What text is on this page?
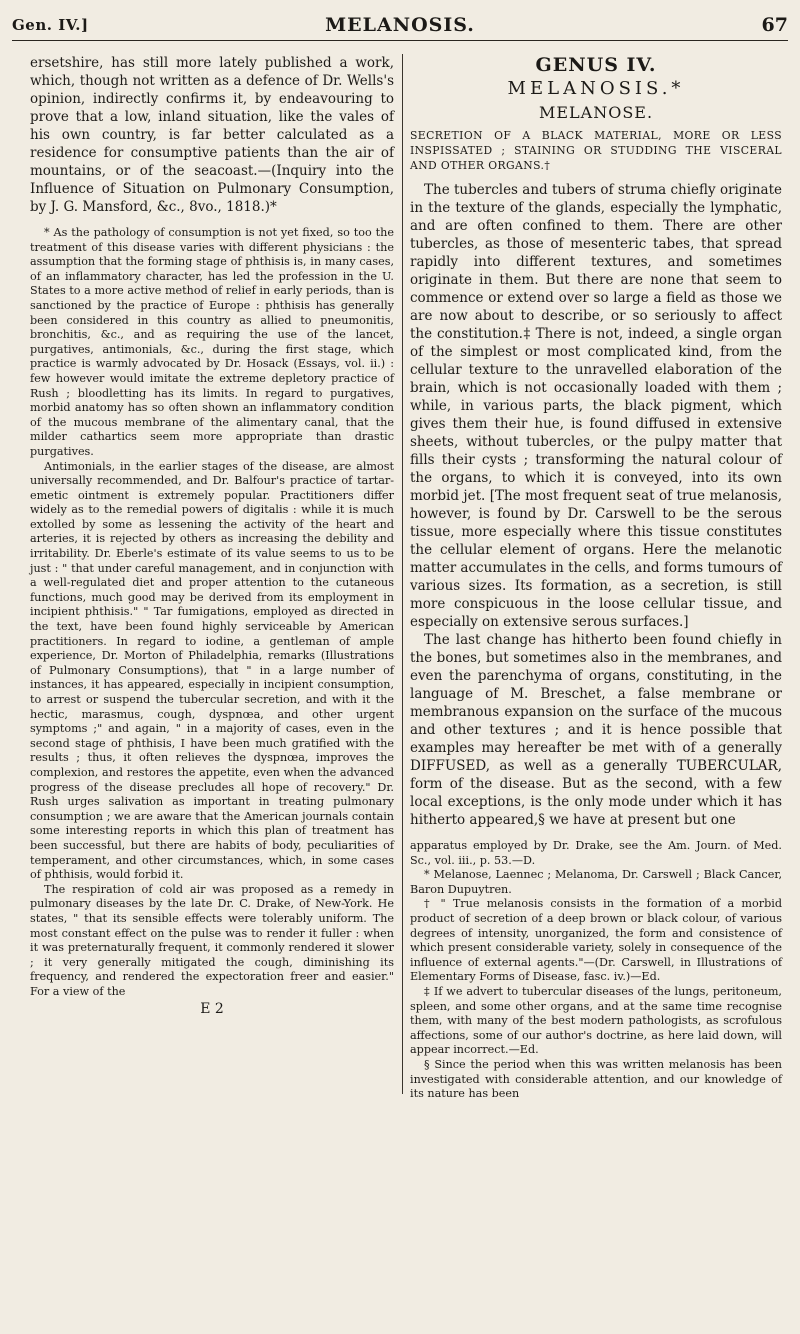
Gen. IV.]	MELANOSIS.	67

ersetshire, has still more lately published a work, which, though not written as a defence of Dr. Wells's opinion, indirectly confirms it, by endeavouring to prove that a low, inland situation, like the vales of his own country, is far better calculated as a residence for consumptive patients than the air of mountains, or of the seacoast.—(Inquiry into the Influence of Situation on Pulmonary Consumption, by J. G. Mansford, &c., 8vo., 1818.)*

* As the pathology of consumption is not yet fixed, so too the treatment of this disease varies with different physicians : the assumption that the forming stage of phthisis is, in many cases, of an inflammatory character, has led the profession in the U. States to a more active method of relief in early periods, than is sanctioned by the practice of Europe : phthisis has generally been considered in this country as allied to pneumonitis, bronchitis, &c., and as requiring the use of the lancet, purgatives, antimonials, &c., during the first stage, which practice is warmly advocated by Dr. Hosack (Essays, vol. ii.) : few however would imitate the extreme depletory practice of Rush ; bloodletting has its limits. In regard to purgatives, morbid anatomy has so often shown an inflammatory condition of the mucous membrane of the alimentary canal, that the milder cathartics seem more appropriate than drastic purgatives.

Antimonials, in the earlier stages of the disease, are almost universally recommended, and Dr. Balfour's practice of tartar-emetic ointment is extremely popular. Practitioners differ widely as to the remedial powers of digitalis : while it is much extolled by some as lessening the activity of the heart and arteries, it is rejected by others as increasing the debility and irritability. Dr. Eberle's estimate of its value seems to us to be just : " that under careful management, and in conjunction with a well-regulated diet and proper attention to the cutaneous functions, much good may be derived from its employment in incipient phthisis." " Tar fumigations, employed as directed in the text, have been found highly serviceable by American practitioners. In regard to iodine, a gentleman of ample experience, Dr. Morton of Philadelphia, remarks (Illustrations of Pulmonary Consumptions), that " in a large number of instances, it has appeared, especially in incipient consumption, to arrest or suspend the tubercular secretion, and with it the hectic, marasmus, cough, dyspnœa, and other urgent symptoms ;" and again, " in a majority of cases, even in the second stage of phthisis, I have been much gratified with the results ; thus, it often relieves the dyspnœa, improves the complexion, and restores the appetite, even when the advanced progress of the disease precludes all hope of recovery." Dr. Rush urges salivation as important in treating pulmonary consumption ; we are aware that the American journals contain some interesting reports in which this plan of treatment has been successful, but there are habits of body, peculiarities of temperament, and other circumstances, which, in some cases of phthisis, would forbid it.

The respiration of cold air was proposed as a remedy in pulmonary diseases by the late Dr. C. Drake, of New-York. He states, " that its sensible effects were tolerably uniform. The most constant effect on the pulse was to render it fuller : when it was preternaturally frequent, it commonly rendered it slower ; it very generally mitigated the cough, diminishing its frequency, and rendered the expectoration freer and easier." For a view of the

E 2
GENUS IV.
MELANOSIS.*
MELANOSE.

SECRETION OF A BLACK MATERIAL, MORE OR LESS INSPISSATED ; STAINING OR STUDDING THE VISCERAL AND OTHER ORGANS.†

The tubercles and tubers of struma chiefly originate in the texture of the glands, especially the lymphatic, and are often confined to them. There are other tubercles, as those of mesenteric tabes, that spread rapidly into different textures, and sometimes originate in them. But there are none that seem to commence or extend over so large a field as those we are now about to describe, or so seriously to affect the constitution.‡ There is not, indeed, a single organ of the simplest or most complicated kind, from the cellular texture to the unravelled elaboration of the brain, which is not occasionally loaded with them ; while, in various parts, the black pigment, which gives them their hue, is found diffused in extensive sheets, without tubercles, or the pulpy matter that fills their cysts ; transforming the natural colour of the organs, to which it is conveyed, into its own morbid jet. [The most frequent seat of true melanosis, however, is found by Dr. Carswell to be the serous tissue, more especially where this tissue constitutes the cellular element of organs. Here the melanotic matter accumulates in the cells, and forms tumours of various sizes. Its formation, as a secretion, is still more conspicuous in the loose cellular tissue, and especially on extensive serous surfaces.]

The last change has hitherto been found chiefly in the bones, but sometimes also in the membranes, and even the parenchyma of organs, constituting, in the language of M. Breschet, a false membrane or membranous expansion on the surface of the mucous and other textures ; and it is hence possible that examples may hereafter be met with of a generally DIFFUSED, as well as a generally TUBERCULAR, form of the disease. But as the second, with a few local exceptions, is the only mode under which it has hitherto appeared,§ we have at present but one

apparatus employed by Dr. Drake, see the Am. Journ. of Med. Sc., vol. iii., p. 53.—D.

* Melanose, Laennec ; Melanoma, Dr. Carswell ; Black Cancer, Baron Dupuytren.

† " True melanosis consists in the formation of a morbid product of secretion of a deep brown or black colour, of various degrees of intensity, unorganized, the form and consistence of which present considerable variety, solely in consequence of the influence of external agents."—(Dr. Carswell, in Illustrations of Elementary Forms of Disease, fasc. iv.)—Ed.

‡ If we advert to tubercular diseases of the lungs, peritoneum, spleen, and some other organs, and at the same time recognise them, with many of the best modern pathologists, as scrofulous affections, some of our author's doctrine, as here laid down, will appear incorrect.—Ed.

§ Since the period when this was written melanosis has been investigated with considerable attention, and our knowledge of its nature has been
